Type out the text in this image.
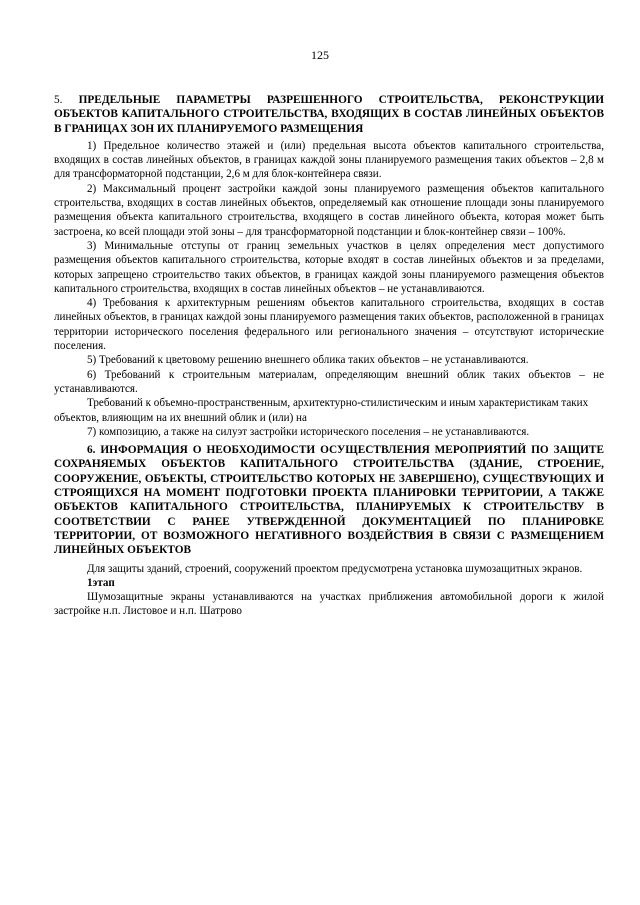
125
5. ПРЕДЕЛЬНЫЕ ПАРАМЕТРЫ РАЗРЕШЕННОГО СТРОИТЕЛЬСТВА, РЕКОНСТРУКЦИИ ОБЪЕКТОВ КАПИТАЛЬНОГО СТРОИТЕЛЬСТВА, ВХОДЯЩИХ В СОСТАВ ЛИНЕЙНЫХ ОБЪЕКТОВ В ГРАНИЦАХ ЗОН ИХ ПЛАНИРУЕМОГО РАЗМЕЩЕНИЯ

1) Предельное количество этажей и (или) предельная высота объектов капитального строительства, входящих в состав линейных объектов, в границах каждой зоны планируемого размещения таких объектов – 2,8 м для трансформаторной подстанции, 2,6 м для блок-контейнера связи.

2) Максимальный процент застройки каждой зоны планируемого размещения объектов капитального строительства, входящих в состав линейных объектов, определяемый как отношение площади зоны планируемого размещения объекта капитального строительства, входящего в состав линейного объекта, которая может быть застроена, ко всей площади этой зоны – для трансформаторной подстанции и блок-контейнер связи – 100%.

3) Минимальные отступы от границ земельных участков в целях определения мест допустимого размещения объектов капитального строительства, которые входят в состав линейных объектов и за пределами, которых запрещено строительство таких объектов, в границах каждой зоны планируемого размещения объектов капитального строительства, входящих в состав линейных объектов – не устанавливаются.

4) Требования к архитектурным решениям объектов капитального строительства, входящих в состав линейных объектов, в границах каждой зоны планируемого размещения таких объектов, расположенной в границах территории исторического поселения федерального или регионального значения – отсутствуют исторические поселения.

5) Требований к цветовому решению внешнего облика таких объектов – не устанавливаются.

6) Требований к строительным материалам, определяющим внешний облик таких объектов – не устанавливаются.

Требований к объемно-пространственным, архитектурно-стилистическим и иным характеристикам таких объектов, влияющим на их внешний облик и (или) на

7) композицию, а также на силуэт застройки исторического поселения – не устанавливаются.

6. ИНФОРМАЦИЯ О НЕОБХОДИМОСТИ ОСУЩЕСТВЛЕНИЯ МЕРОПРИЯТИЙ ПО ЗАЩИТЕ СОХРАНЯЕМЫХ ОБЪЕКТОВ КАПИТАЛЬНОГО СТРОИТЕЛЬСТВА (ЗДАНИЕ, СТРОЕНИЕ, СООРУЖЕНИЕ, ОБЪЕКТЫ, СТРОИТЕЛЬСТВО КОТОРЫХ НЕ ЗАВЕРШЕНО), СУЩЕСТВУЮЩИХ И СТРОЯЩИХСЯ НА МОМЕНТ ПОДГОТОВКИ ПРОЕКТА ПЛАНИРОВКИ ТЕРРИТОРИИ, А ТАКЖЕ ОБЪЕКТОВ КАПИТАЛЬНОГО СТРОИТЕЛЬСТВА, ПЛАНИРУЕМЫХ К СТРОИТЕЛЬСТВУ В СООТВЕТСТВИИ С РАНЕЕ УТВЕРЖДЕННОЙ ДОКУМЕНТАЦИЕЙ ПО ПЛАНИРОВКЕ ТЕРРИТОРИИ, ОТ ВОЗМОЖНОГО НЕГАТИВНОГО ВОЗДЕЙСТВИЯ В СВЯЗИ С РАЗМЕЩЕНИЕМ ЛИНЕЙНЫХ ОБЪЕКТОВ

Для защиты зданий, строений, сооружений проектом предусмотрена установка шумозащитных экранов.

1этап

Шумозащитные экраны устанавливаются на участках приближения автомобильной дороги к жилой застройке н.п. Листовое и н.п. Шатрово
